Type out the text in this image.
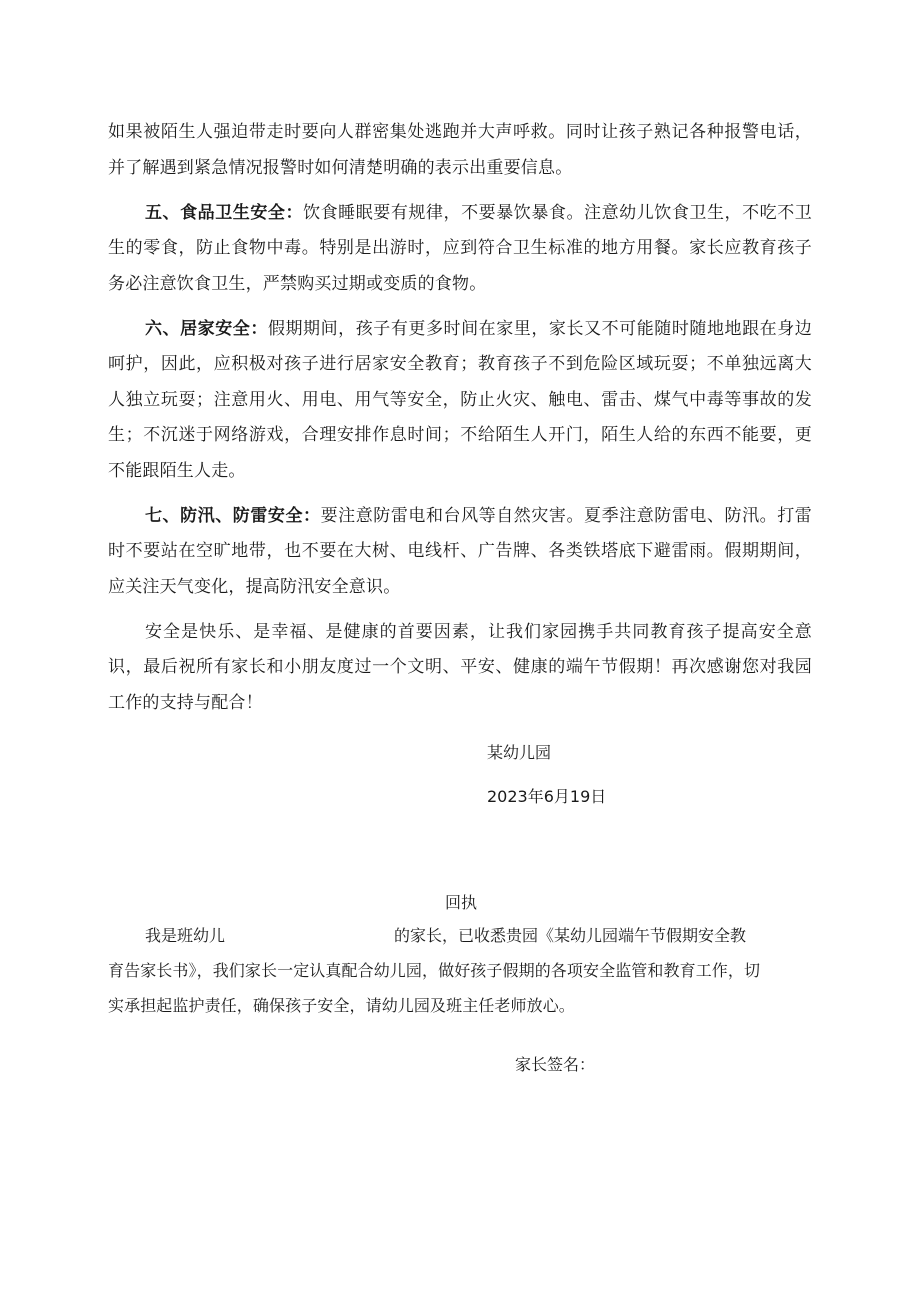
如果被陌生人强迫带走时要向人群密集处逃跑并大声呼救。同时让孩子熟记各种报警电话，并了解遇到紧急情况报警时如何清楚明确的表示出重要信息。

五、食品卫生安全：饮食睡眠要有规律，不要暴饮暴食。注意幼儿饮食卫生，不吃不卫生的零食，防止食物中毒。特别是出游时，应到符合卫生标准的地方用餐。家长应教育孩子务必注意饮食卫生，严禁购买过期或变质的食物。

六、居家安全：假期期间，孩子有更多时间在家里，家长又不可能随时随地地跟在身边呵护，因此，应积极对孩子进行居家安全教育；教育孩子不到危险区域玩耍；不单独远离大人独立玩耍；注意用火、用电、用气等安全，防止火灾、触电、雷击、煤气中毒等事故的发生；不沉迷于网络游戏，合理安排作息时间；不给陌生人开门，陌生人给的东西不能要，更不能跟陌生人走。

七、防汛、防雷安全：要注意防雷电和台风等自然灾害。夏季注意防雷电、防汛。打雷时不要站在空旷地带，也不要在大树、电线杆、广告牌、各类铁塔底下避雷雨。假期期间，应关注天气变化，提高防汛安全意识。

安全是快乐、是幸福、是健康的首要因素，让我们家园携手共同教育孩子提高安全意识，最后祝所有家长和小朋友度过一个文明、平安、健康的端午节假期！再次感谢您对我园工作的支持与配合！

某幼儿园
2023年6月19日
回执
我是班幼儿	的家长，已收悉贵园《某幼儿园端午节假期安全教
育告家长书》，我们家长一定认真配合幼儿园，做好孩子假期的各项安全监管和教育工作，切
实承担起监护责任，确保孩子安全，请幼儿园及班主任老师放心。
家长签名：
